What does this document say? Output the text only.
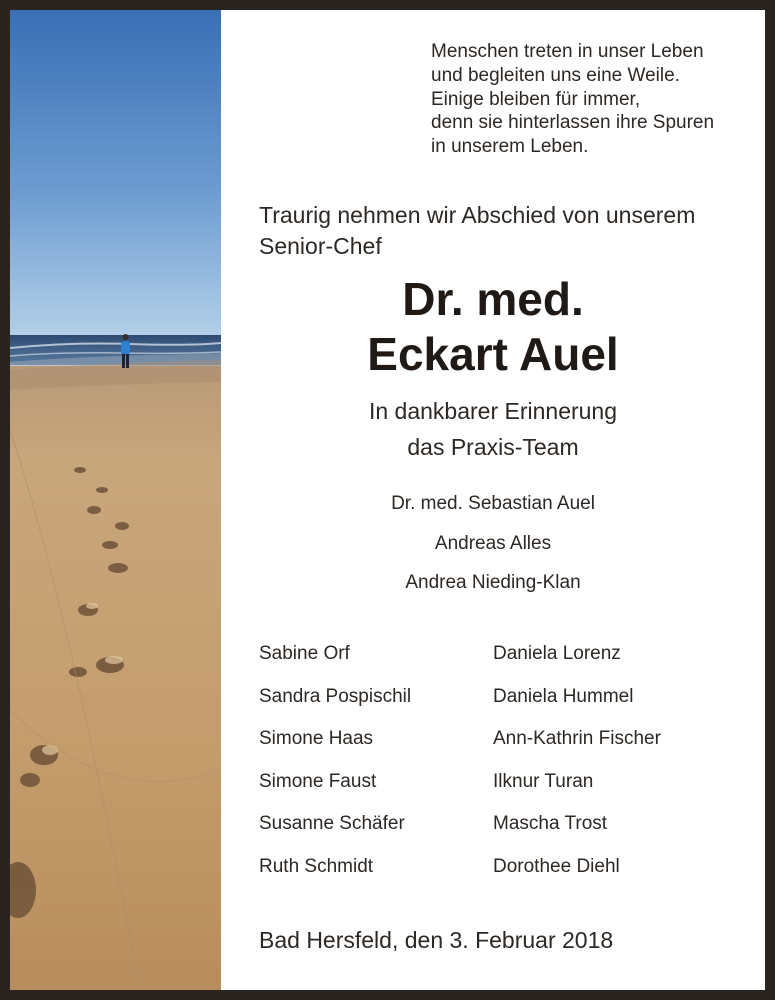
Menschen treten in unser Leben
und begleiten uns eine Weile.
Einige bleiben für immer,
denn sie hinterlassen ihre Spuren
in unserem Leben.
Traurig nehmen wir Abschied von unserem
Senior-Chef
Dr. med.
Eckart Auel
In dankbarer Erinnerung
das Praxis-Team
Dr. med. Sebastian Auel
Andreas Alles
Andrea Nieding-Klan
Sabine Orf
Sandra Pospischil
Simone Haas
Simone Faust
Susanne Schäfer
Ruth Schmidt
Daniela Lorenz
Daniela Hummel
Ann-Kathrin Fischer
Ilknur Turan
Mascha Trost
Dorothee Diehl
Bad Hersfeld, den 3. Februar 2018
